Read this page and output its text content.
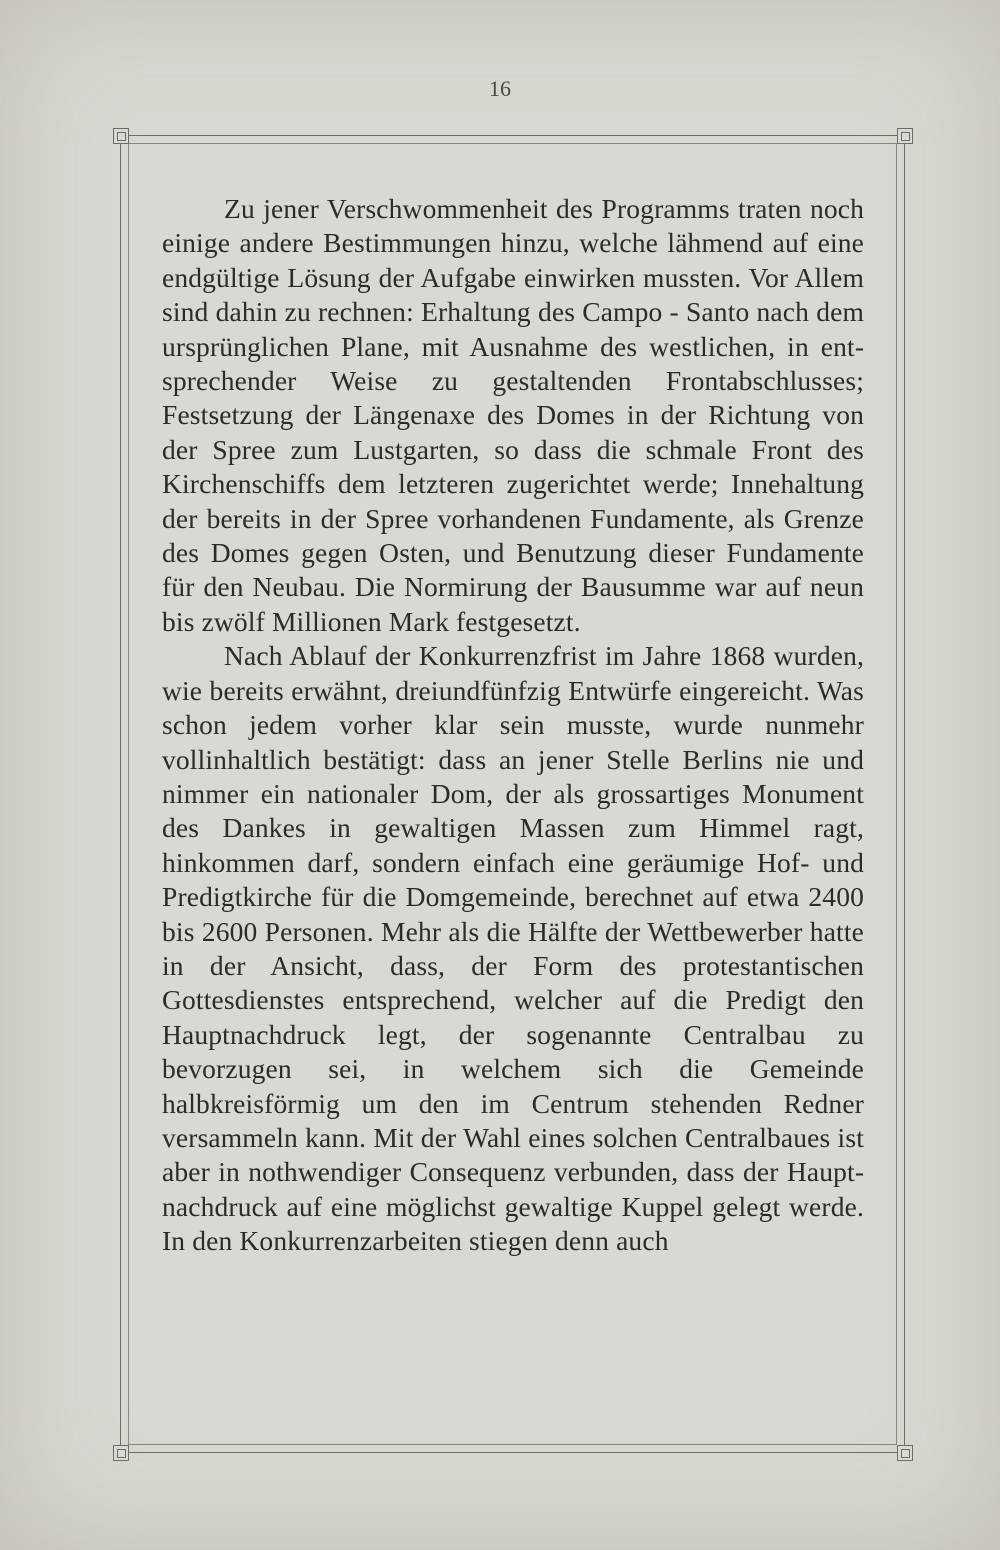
16

Zu jener Verschwommenheit des Programms traten noch einige andere Bestimmungen hinzu, welche lähmend auf eine endgültige Lösung der Aufgabe einwirken mussten. Vor Allem sind dahin zu rechnen: Erhaltung des Campo - Santo nach dem ursprünglichen Plane, mit Ausnahme des westlichen, in entsprechender Weise zu gestaltenden Frontabschlusses; Festsetzung der Längenaxe des Domes in der Richtung von der Spree zum Lustgarten, so dass die schmale Front des Kirchenschiffs dem letzteren zugerichtet werde; Innehaltung der bereits in der Spree vorhandenen Fundamente, als Grenze des Domes gegen Osten, und Benutzung dieser Fundamente für den Neubau. Die Normirung der Bausumme war auf neun bis zwölf Millionen Mark festgesetzt.

Nach Ablauf der Konkurrenzfrist im Jahre 1868 wurden, wie bereits erwähnt, dreiundfünfzig Entwürfe eingereicht. Was schon jedem vorher klar sein musste, wurde nunmehr vollinhaltlich bestätigt: dass an jener Stelle Berlins nie und nimmer ein nationaler Dom, der als grossartiges Monument des Dankes in gewaltigen Massen zum Himmel ragt, hinkommen darf, sondern einfach eine geräumige Hof- und Predigtkirche für die Domgemeinde, berechnet auf etwa 2400 bis 2600 Personen. Mehr als die Hälfte der Wettbewerber hatte in der Ansicht, dass, der Form des protestantischen Gottesdienstes entsprechend, welcher auf die Predigt den Hauptnachdruck legt, der sogenannte Centralbau zu bevorzugen sei, in welchem sich die Gemeinde halbkreisförmig um den im Centrum stehenden Redner versammeln kann. Mit der Wahl eines solchen Centralbaues ist aber in nothwendiger Consequenz verbunden, dass der Hauptnachdruck auf eine möglichst gewaltige Kuppel gelegt werde. In den Konkurrenzarbeiten stiegen denn auch
